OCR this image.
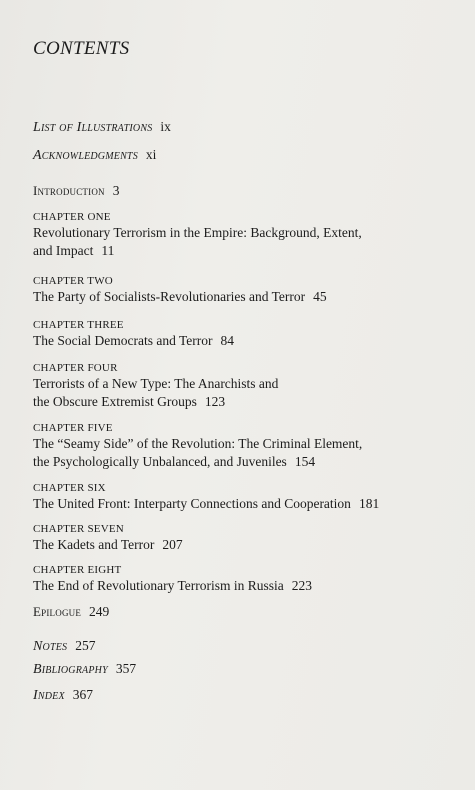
CONTENTS
List of Illustrations ix
Acknowledgments xi
Introduction 3
CHAPTER ONE
Revolutionary Terrorism in the Empire: Background, Extent,
and Impact 11
CHAPTER TWO
The Party of Socialists-Revolutionaries and Terror 45
CHAPTER THREE
The Social Democrats and Terror 84
CHAPTER FOUR
Terrorists of a New Type: The Anarchists and
the Obscure Extremist Groups 123
CHAPTER FIVE
The “Seamy Side” of the Revolution: The Criminal Element,
the Psychologically Unbalanced, and Juveniles 154
CHAPTER SIX
The United Front: Interparty Connections and Cooperation 181
CHAPTER SEVEN
The Kadets and Terror 207
CHAPTER EIGHT
The End of Revolutionary Terrorism in Russia 223
Epilogue 249
Notes 257
Bibliography 357
Index 367
